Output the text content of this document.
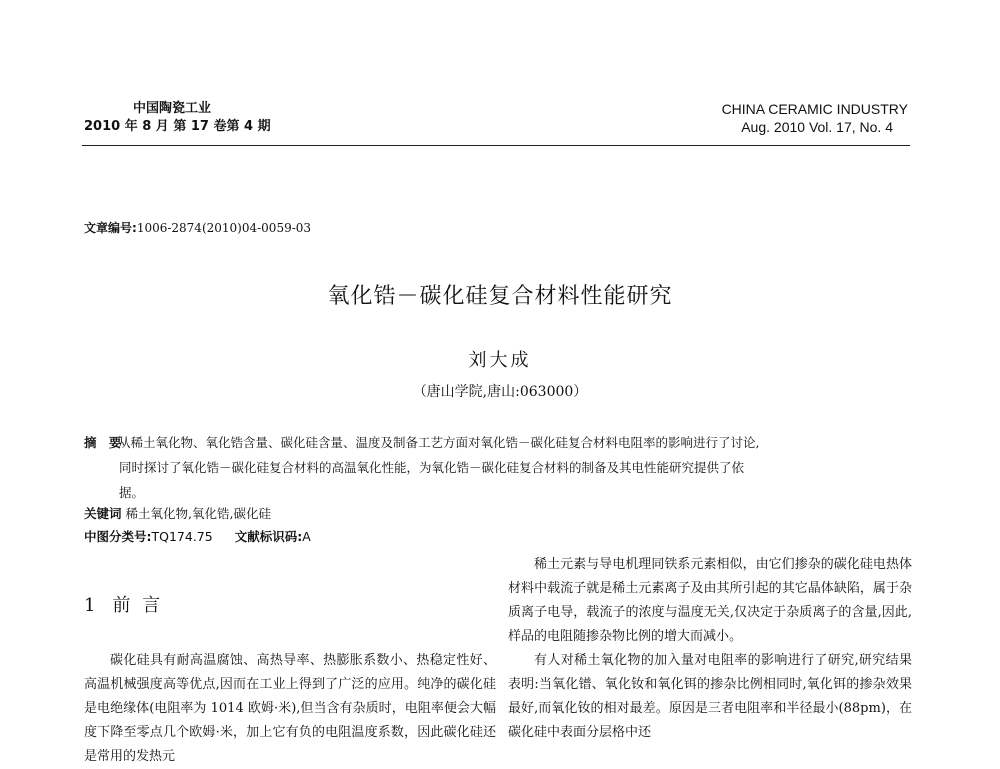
中国陶瓷工业
2010 年 8 月 第 17 卷第 4 期
CHINA CERAMIC INDUSTRY
Aug. 2010 Vol. 17, No. 4
文章编号:1006-2874(2010)04-0059-03
氧化锆－碳化硅复合材料性能研究
刘大成
（唐山学院,唐山:063000）
摘 要从稀土氧化物、氧化锆含量、碳化硅含量、温度及制备工艺方面对氧化锆－碳化硅复合材料电阻率的影响进行了讨论,
同时探讨了氧化锆－碳化硅复合材料的高温氧化性能，为氧化锆－碳化硅复合材料的制备及其电性能研究提供了依
据。
关键词 稀土氧化物,氧化锆,碳化硅
中图分类号:TQ174.75 文献标识码:A
1 前 言

碳化硅具有耐高温腐蚀、高热导率、热膨胀系数小、热稳定性好、高温机械强度高等优点,因而在工业上得到了广泛的应用。纯净的碳化硅是电绝缘体(电阻率为 1014 欧姆·米),但当含有杂质时，电阻率便会大幅度下降至零点几个欧姆·米，加上它有负的电阻温度系数，因此碳化硅还是常用的发热元

稀土元素与导电机理同铁系元素相似，由它们掺杂的碳化硅电热体材料中载流子就是稀土元素离子及由其所引起的其它晶体缺陷，属于杂质离子电导，载流子的浓度与温度无关,仅决定于杂质离子的含量,因此,样品的电阻随掺杂物比例的增大而减小。

有人对稀土氧化物的加入量对电阻率的影响进行了研究,研究结果表明:当氧化镨、氧化钕和氧化铒的掺杂比例相同时,氧化铒的掺杂效果最好,而氧化钕的相对最差。原因是三者电阻率和半径最小(88pm)，在碳化硅中表面分层格中还
